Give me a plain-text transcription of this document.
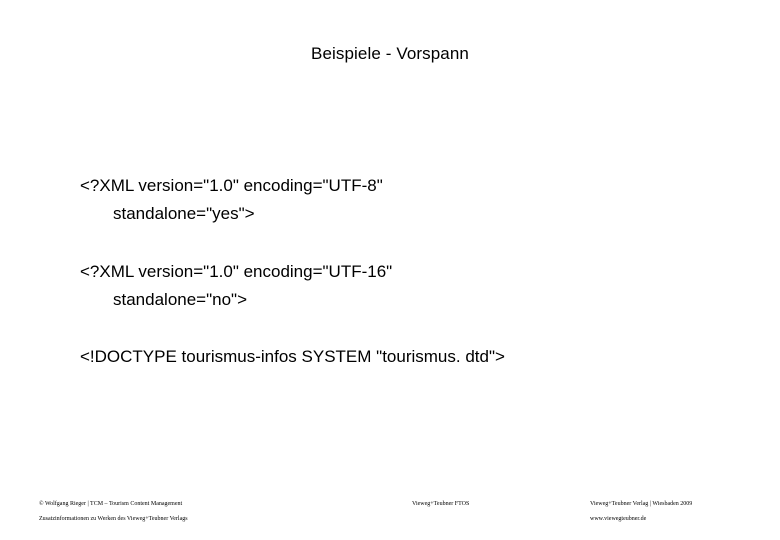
Beispiele - Vorspann
<?XML version="1.0" encoding="UTF-8"
standalone="yes">
<?XML version="1.0" encoding="UTF-16"
standalone="no">
<!DOCTYPE tourismus-infos SYSTEM "tourismus. dtd">
© Wolfgang Rieger | TCM – Tourism Content Management
Zusatzinformationen zu Werken des Vieweg+Teubner Verlags
Vieweg+Teubner FTOS	Vieweg+Teubner Verlag | Wiesbaden 2009
www.viewegteubner.de
